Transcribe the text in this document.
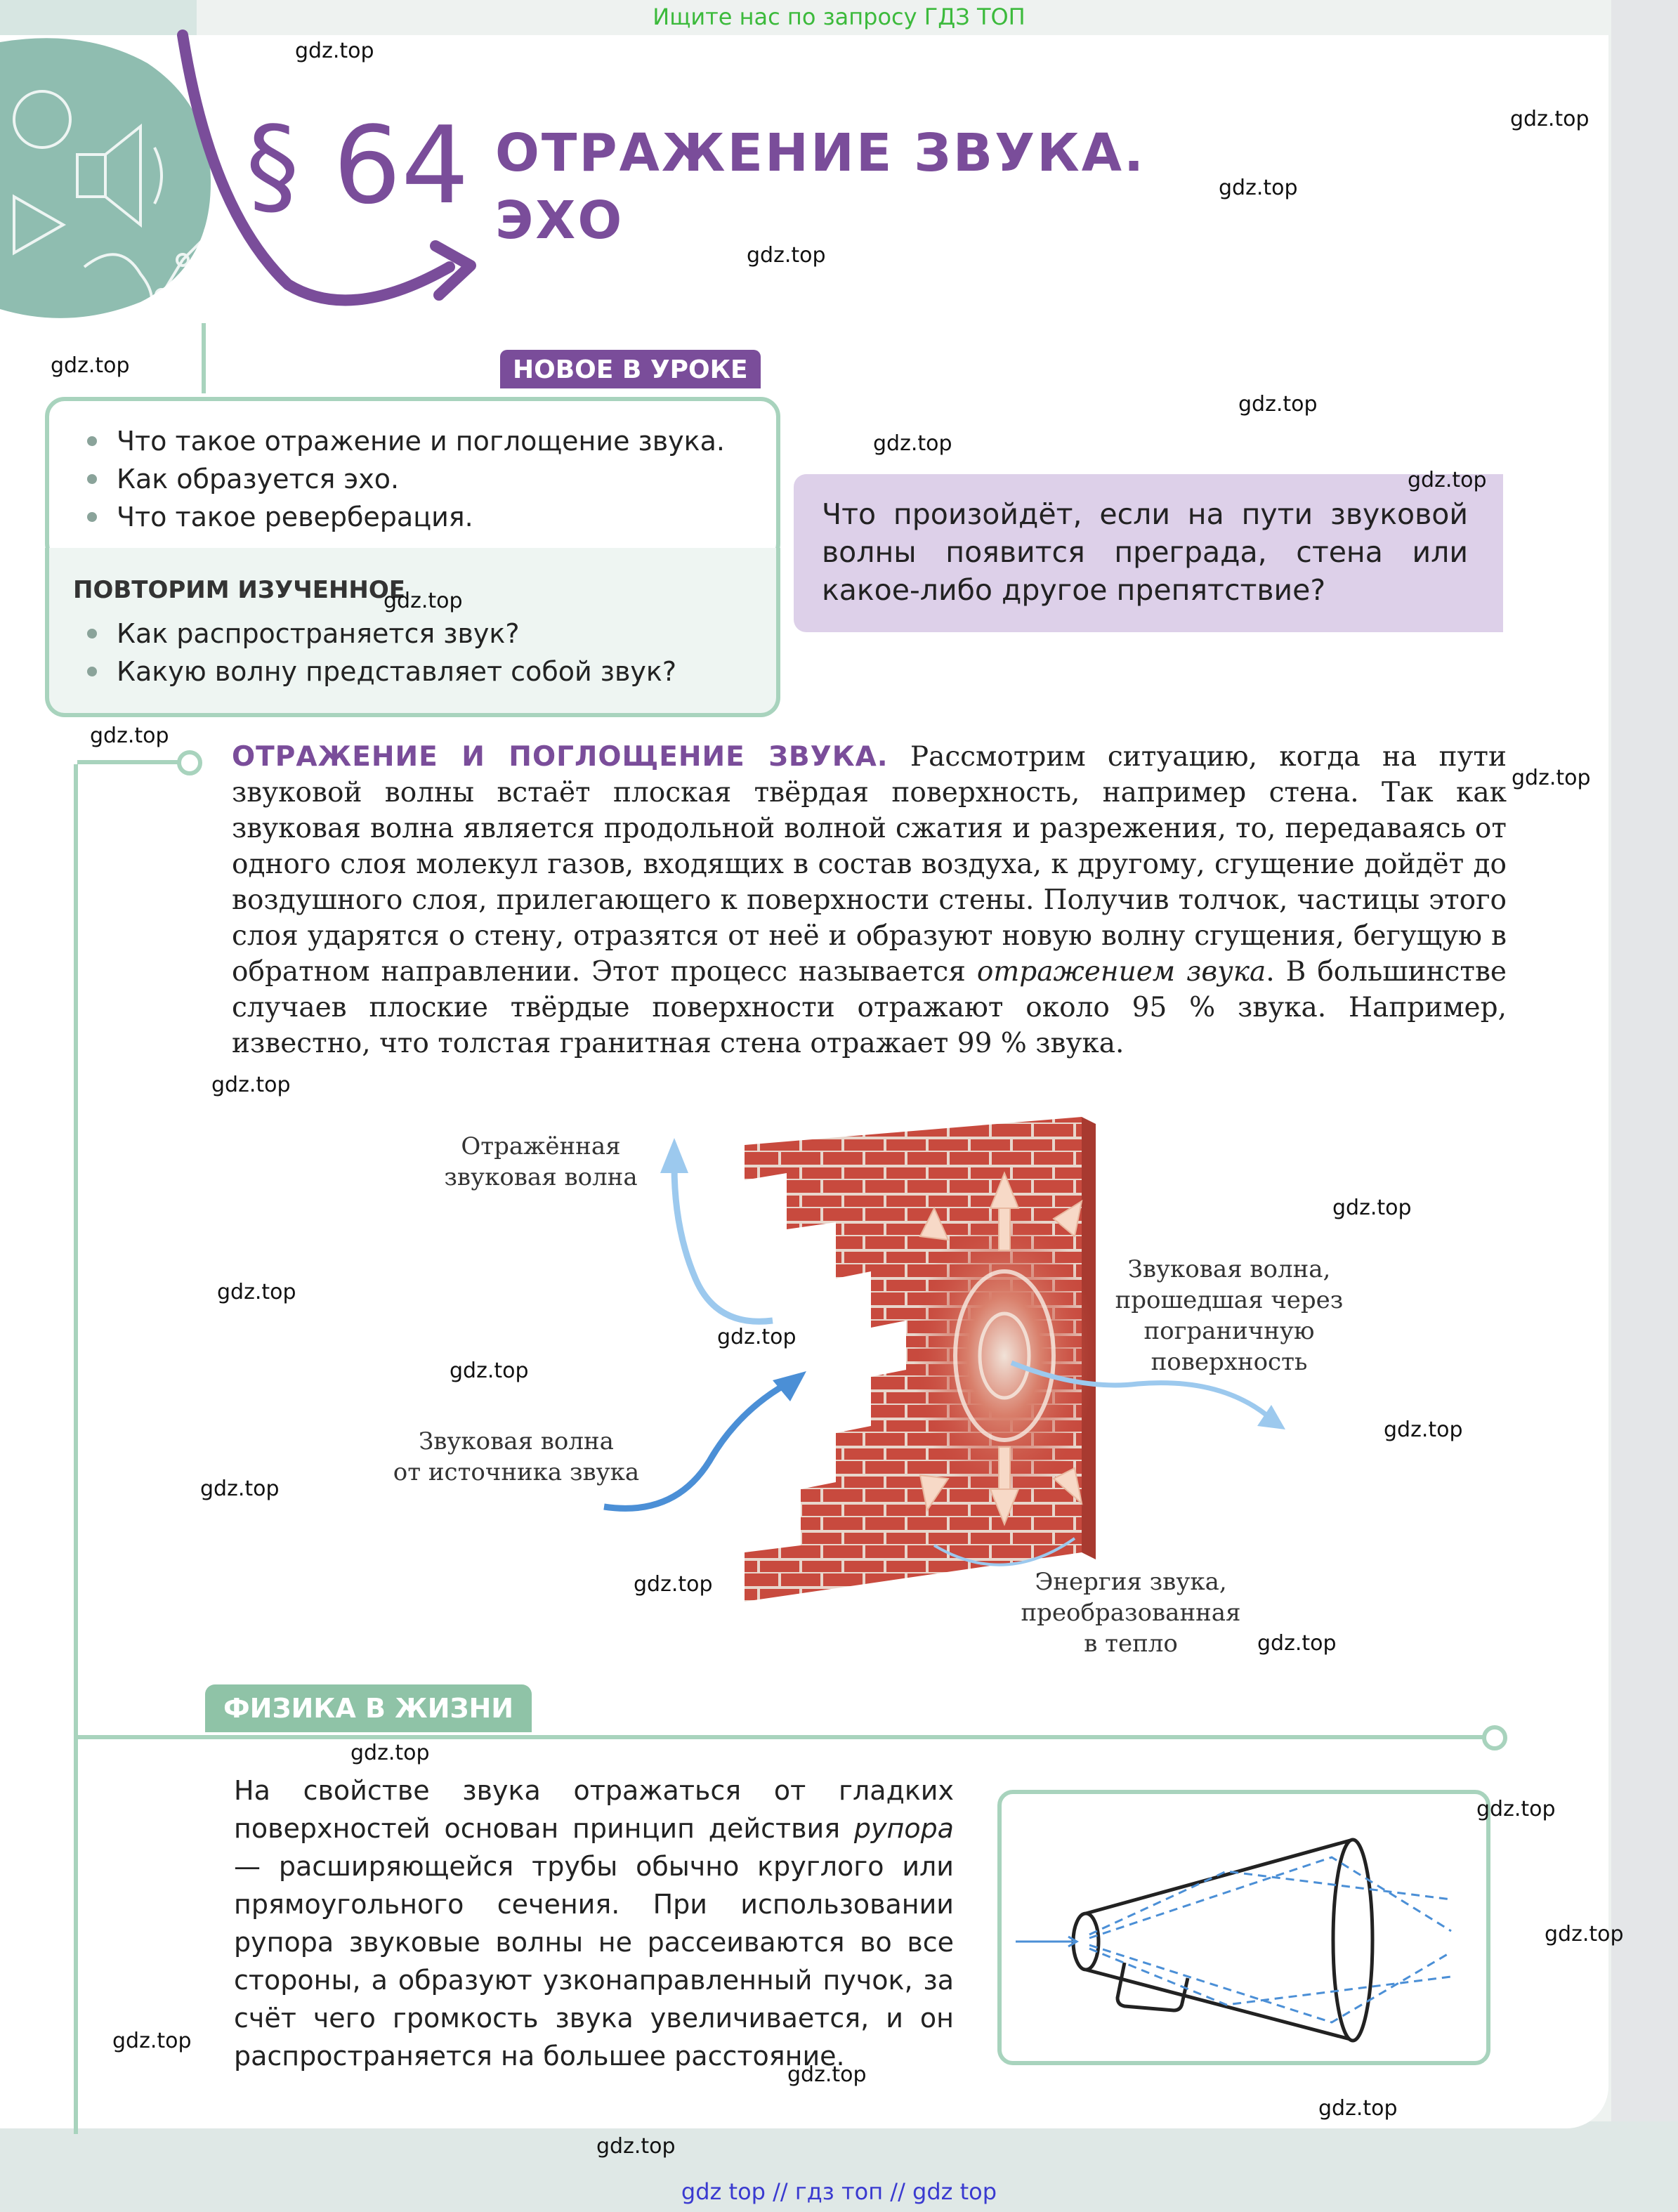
Ищите нас по запросу ГДЗ ТОП
§ 64 ОТРАЖЕНИЕ ЗВУКА.
ЭХО
НОВОЕ В УРОКЕ
Что такое отражение и поглощение звука.
Как образуется эхо.
Что такое реверберация.
ПОВТОРИМ ИЗУЧЕННОЕ
Как распространяется звук?
Какую волну представляет собой звук?
Что произойдёт, если на пути звуковой волны появится преграда, стена или какое-либо другое препятствие?
ОТРАЖЕНИЕ И ПОГЛОЩЕНИЕ ЗВУКА. Рассмотрим ситуацию, когда на пути звуковой волны встаёт плоская твёрдая поверхность, например стена. Так как звуковая волна является продольной волной сжатия и разрежения, то, передаваясь от одного слоя молекул газов, входящих в состав воздуха, к другому, сгущение дойдёт до воздушного слоя, прилегающего к поверхности стены. Получив толчок, частицы этого слоя ударятся о стену, отразятся от неё и образуют новую волну сгущения, бегущую в обратном направлении. Этот процесс называется отражением звука. В большинстве случаев плоские твёрдые поверхности отражают около 95 % звука. Например, известно, что толстая гранитная стена отражает 99 % звука.
Отражённая
звуковая волна
Звуковая волна,
прошедшая через
пограничную
поверхность
Звуковая волна
от источника звука
Энергия звука,
преобразованная
в тепло
ФИЗИКА В ЖИЗНИ
На свойстве звука отражаться от гладких поверхностей основан принцип действия рупора — расширяющейся трубы обычно круглого или прямоугольного сечения. При использовании рупора звуковые волны не рассеиваются во все стороны, а образуют узконаправленный пучок, за счёт чего громкость звука увеличивается, и он распространяется на большее расстояние.
gdz.top
gdz.top
gdz.top
gdz.top
gdz.top
gdz.top
gdz.top
gdz.top
gdz.top
gdz.top
gdz.top
gdz.top
gdz.top
gdz.top
gdz.top
gdz.top
gdz.top
gdz.top
gdz.top
gdz.top
gdz.top
gdz.top
gdz.top
gdz.top
gdz.top
gdz.top
gdz.top
gdz top // гдз топ // gdz top
